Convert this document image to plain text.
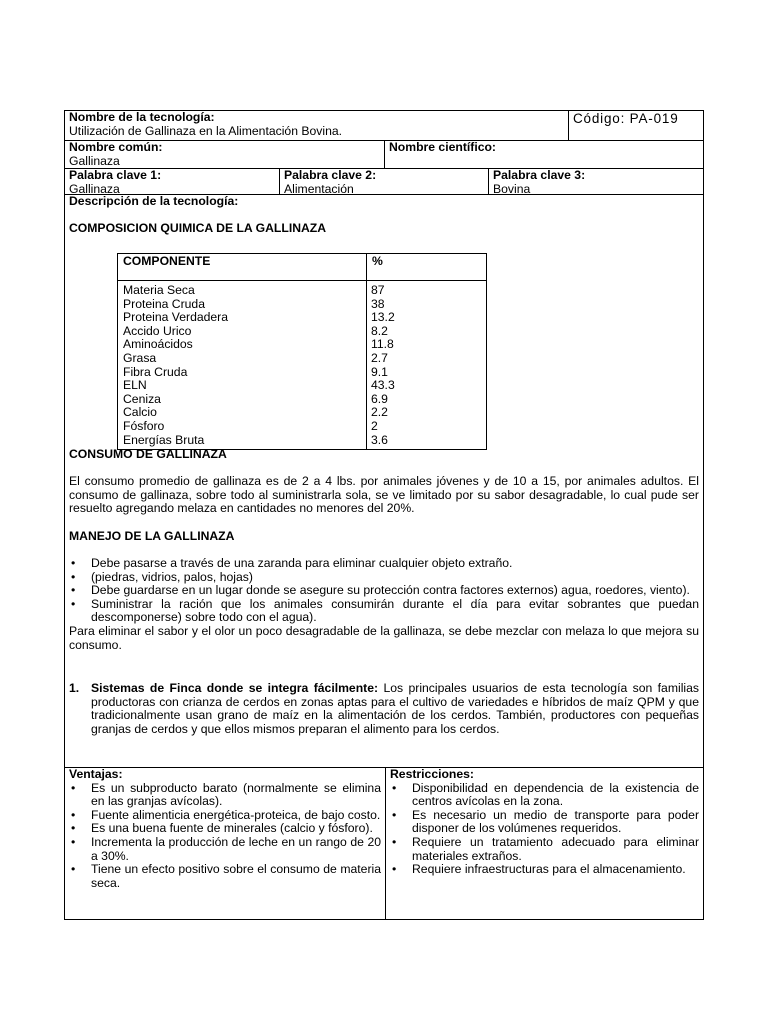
Nombre de la tecnología:
Utilización de Gallinaza en la Alimentación Bovina.
Código: PA-019
Nombre común:
Gallinaza
Nombre científico:
Palabra clave 1:
Gallinaza
Palabra clave 2:
Alimentación
Palabra clave 3:
Bovina
Descripción de la tecnología:
COMPOSICION QUIMICA DE LA GALLINAZA
COMPONENTE	%
Materia Seca	87
Proteina Cruda	38
Proteina Verdadera	13.2
Accido Urico	8.2
Aminoácidos	11.8
Grasa	2.7
Fibra Cruda	9.1
ELN	43.3
Ceniza	6.9
Calcio	2.2
Fósforo	2
Energías Bruta	3.6
CONSUMO DE GALLINAZA
El consumo promedio de gallinaza es de 2 a 4 lbs. por animales jóvenes y de 10 a 15, por animales adultos. El consumo de gallinaza, sobre todo al suministrarla sola, se ve limitado por su sabor desagradable, lo cual pude ser resuelto agregando melaza en cantidades no menores del 20%.
MANEJO DE LA GALLINAZA
•	Debe pasarse a través de una zaranda para eliminar cualquier objeto extraño.
•	(piedras, vidrios, palos, hojas)
•	Debe guardarse en un lugar donde se asegure su protección contra factores externos) agua, roedores, viento).
•	Suministrar la ración que los animales consumirán durante el día para evitar sobrantes que puedan descomponerse) sobre todo con el agua).
Para eliminar el sabor y el olor un poco desagradable de la gallinaza, se debe mezclar con melaza lo que mejora su consumo.
1. Sistemas de Finca donde se integra fácilmente: Los principales usuarios de esta tecnología son familias productoras con crianza de cerdos en zonas aptas para el cultivo de variedades e híbridos de maíz QPM y que tradicionalmente usan grano de maíz en la alimentación de los cerdos. También, productores con pequeñas granjas de cerdos y que ellos mismos preparan el alimento para los cerdos.
Ventajas:
•	Es un subproducto barato (normalmente se elimina en las granjas avícolas).
•	Fuente alimenticia energética-proteica, de bajo costo.
•	Es una buena fuente de minerales (calcio y fósforo).
•	Incrementa la producción de leche en un rango de 20 a 30%.
•	Tiene un efecto positivo sobre el consumo de materia seca.
Restricciones:
•	Disponibilidad en dependencia de la existencia de centros avícolas en la zona.
•	Es necesario un medio de transporte para poder disponer de los volúmenes requeridos.
•	Requiere un tratamiento adecuado para eliminar materiales extraños.
•	Requiere infraestructuras para el almacenamiento.
